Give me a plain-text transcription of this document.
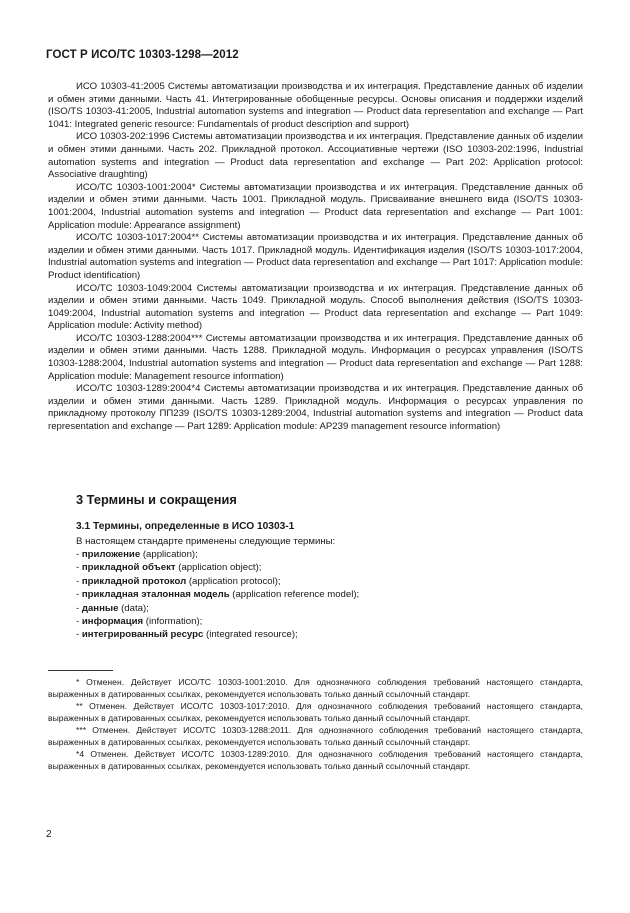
ГОСТ Р ИСО/ТС 10303-1298—2012

ИСО 10303-41:2005 Системы автоматизации производства и их интеграция. Представление данных об изделии и обмен этими данными. Часть 41. Интегрированные обобщенные ресурсы. Основы описания и поддержки изделий (ISO/TS 10303-41:2005, Industrial automation systems and integration — Product data representation and exchange — Part 1041: Integrated generic resource: Fundamentals of product description and support)

ИСО 10303-202:1996 Системы автоматизации производства и их интеграция. Представление данных об изделии и обмен этими данными. Часть 202. Прикладной протокол. Ассоциативные чертежи (ISO 10303-202:1996, Industrial automation systems and integration — Product data representation and exchange — Part 202: Application protocol: Associative draughting)

ИСО/ТС 10303-1001:2004* Системы автоматизации производства и их интеграция. Представление данных об изделии и обмен этими данными. Часть 1001. Прикладной модуль. Присваивание внешнего вида (ISO/TS 10303-1001:2004, Industrial automation systems and integration — Product data representation and exchange — Part 1001: Application module: Appearance assignment)

ИСО/ТС 10303-1017:2004** Системы автоматизации производства и их интеграция. Представление данных об изделии и обмен этими данными. Часть 1017. Прикладной модуль. Идентификация изделия (ISO/TS 10303-1017:2004, Industrial automation systems and integration — Product data representation and exchange — Part 1017: Application module: Product identification)

ИСО/ТС 10303-1049:2004 Системы автоматизации производства и их интеграция. Представление данных об изделии и обмен этими данными. Часть 1049. Прикладной модуль. Способ выполнения действия (ISO/TS 10303-1049:2004, Industrial automation systems and integration — Product data representation and exchange — Part 1049: Application module: Activity method)

ИСО/ТС 10303-1288:2004*** Системы автоматизации производства и их интеграция. Представление данных об изделии и обмен этими данными. Часть 1288. Прикладной модуль. Информация о ресурсах управления (ISO/TS 10303-1288:2004, Industrial automation systems and integration — Product data representation and exchange — Part 1288: Application module: Management resource information)

ИСО/ТС 10303-1289:2004*4 Системы автоматизации производства и их интеграция. Представление данных об изделии и обмен этими данными. Часть 1289. Прикладной модуль. Информация о ресурсах управления по прикладному протоколу ПП239 (ISO/TS 10303-1289:2004, Industrial automation systems and integration — Product data representation and exchange — Part 1289: Application module: AP239 management resource information)

3 Термины и сокращения
3.1 Термины, определенные в ИСО 10303-1
В настоящем стандарте применены следующие термины:
- приложение (application);
- прикладной объект (application object);
- прикладной протокол (application protocol);
- прикладная эталонная модель (application reference model);
- данные (data);
- информация (information);
- интегрированный ресурс (integrated resource);

* Отменен. Действует ИСО/ТС 10303-1001:2010. Для однозначного соблюдения требований настоящего стандарта, выраженных в датированных ссылках, рекомендуется использовать только данный ссылочный стандарт.

** Отменен. Действует ИСО/ТС 10303-1017:2010. Для однозначного соблюдения требований настоящего стандарта, выраженных в датированных ссылках, рекомендуется использовать только данный ссылочный стандарт.

*** Отменен. Действует ИСО/ТС 10303-1288:2011. Для однозначного соблюдения требований настоящего стандарта, выраженных в датированных ссылках, рекомендуется использовать только данный ссылочный стандарт.

*4 Отменен. Действует ИСО/ТС 10303-1289:2010. Для однозначного соблюдения требований настоящего стандарта, выраженных в датированных ссылках, рекомендуется использовать только данный ссылочный стандарт.

2
